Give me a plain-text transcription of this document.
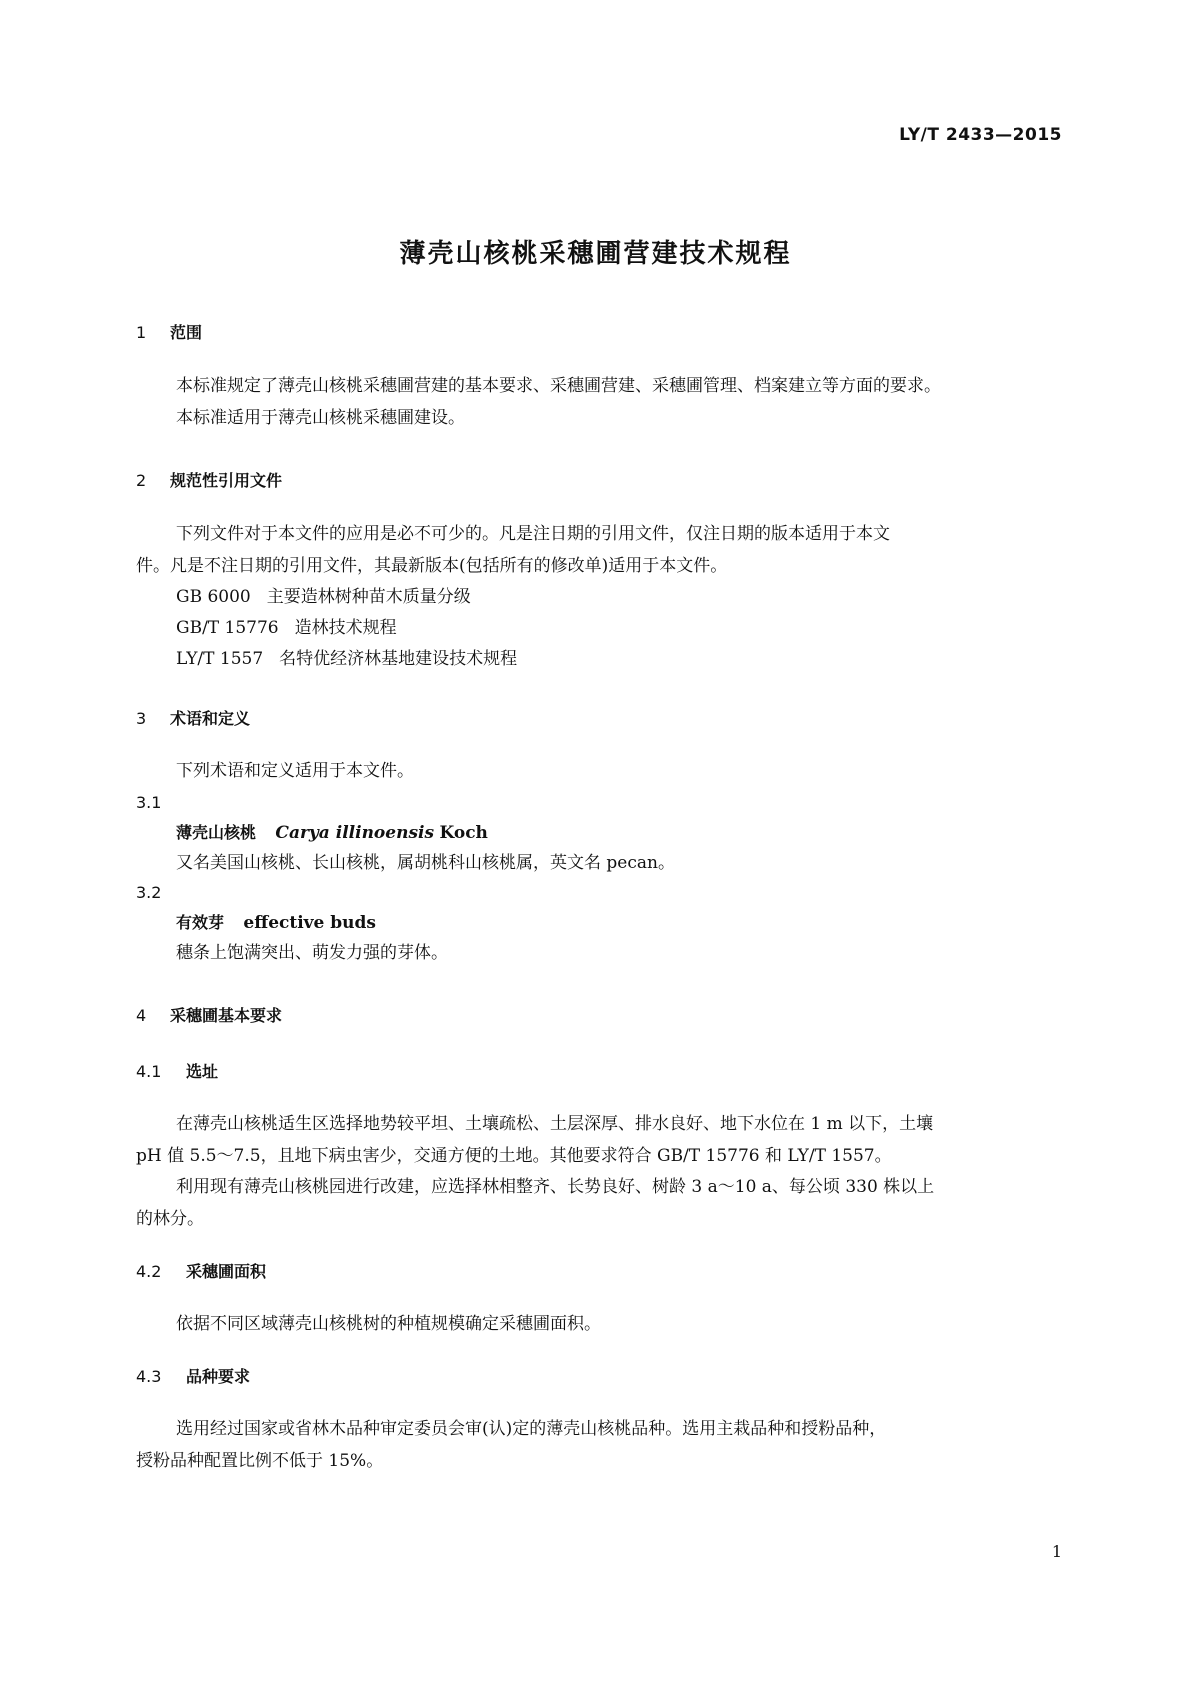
LY/T 2433—2015
薄壳山核桃采穗圃营建技术规程
1 范围
本标准规定了薄壳山核桃采穗圃营建的基本要求、采穗圃营建、采穗圃管理、档案建立等方面的要求。
本标准适用于薄壳山核桃采穗圃建设。
2 规范性引用文件
下列文件对于本文件的应用是必不可少的。凡是注日期的引用文件，仅注日期的版本适用于本文
件。凡是不注日期的引用文件，其最新版本(包括所有的修改单)适用于本文件。
GB 6000 主要造林树种苗木质量分级
GB/T 15776 造林技术规程
LY/T 1557 名特优经济林基地建设技术规程
3 术语和定义
下列术语和定义适用于本文件。
3.1
薄壳山核桃 Carya illinoensis Koch
又名美国山核桃、长山核桃，属胡桃科山核桃属，英文名 pecan。
3.2
有效芽 effective buds
穗条上饱满突出、萌发力强的芽体。
4 采穗圃基本要求
4.1 选址
在薄壳山核桃适生区选择地势较平坦、土壤疏松、土层深厚、排水良好、地下水位在 1 m 以下，土壤
pH 值 5.5～7.5，且地下病虫害少，交通方便的土地。其他要求符合 GB/T 15776 和 LY/T 1557。
利用现有薄壳山核桃园进行改建，应选择林相整齐、长势良好、树龄 3 a～10 a、每公顷 330 株以上
的林分。
4.2 采穗圃面积
依据不同区域薄壳山核桃树的种植规模确定采穗圃面积。
4.3 品种要求
选用经过国家或省林木品种审定委员会审(认)定的薄壳山核桃品种。选用主栽品种和授粉品种，
授粉品种配置比例不低于 15%。
1
